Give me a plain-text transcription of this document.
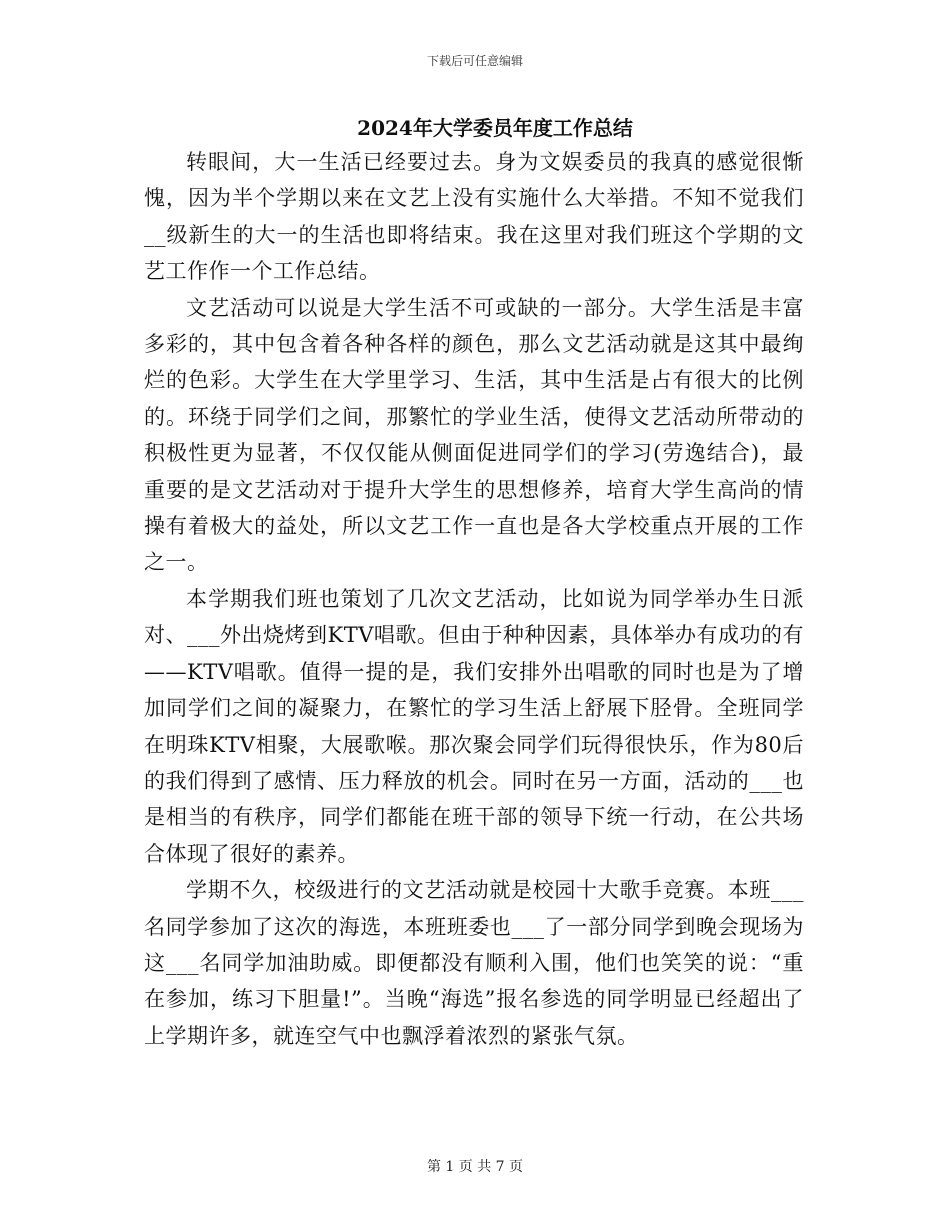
下载后可任意编辑
2024年大学委员年度工作总结

转眼间，大一生活已经要过去。身为文娱委员的我真的感觉很惭愧，因为半个学期以来在文艺上没有实施什么大举措。不知不觉我们__级新生的大一的生活也即将结束。我在这里对我们班这个学期的文艺工作作一个工作总结。

文艺活动可以说是大学生活不可或缺的一部分。大学生活是丰富多彩的，其中包含着各种各样的颜色，那么文艺活动就是这其中最绚烂的色彩。大学生在大学里学习、生活，其中生活是占有很大的比例的。环绕于同学们之间，那繁忙的学业生活，使得文艺活动所带动的积极性更为显著，不仅仅能从侧面促进同学们的学习(劳逸结合)，最重要的是文艺活动对于提升大学生的思想修养，培育大学生高尚的情操有着极大的益处，所以文艺工作一直也是各大学校重点开展的工作之一。

本学期我们班也策划了几次文艺活动，比如说为同学举办生日派对、___外出烧烤到KTV唱歌。但由于种种因素，具体举办有成功的有——KTV唱歌。值得一提的是，我们安排外出唱歌的同时也是为了增加同学们之间的凝聚力，在繁忙的学习生活上舒展下胫骨。全班同学在明珠KTV相聚，大展歌喉。那次聚会同学们玩得很快乐，作为80后的我们得到了感情、压力释放的机会。同时在另一方面，活动的___也是相当的有秩序，同学们都能在班干部的领导下统一行动，在公共场合体现了很好的素养。

学期不久，校级进行的文艺活动就是校园十大歌手竞赛。本班___名同学参加了这次的海选，本班班委也___了一部分同学到晚会现场为这___名同学加油助威。即便都没有顺利入围，他们也笑笑的说：“重在参加，练习下胆量!”。当晚“海选”报名参选的同学明显已经超出了上学期许多，就连空气中也飘浮着浓烈的紧张气氛。

第 1 页 共 7 页
